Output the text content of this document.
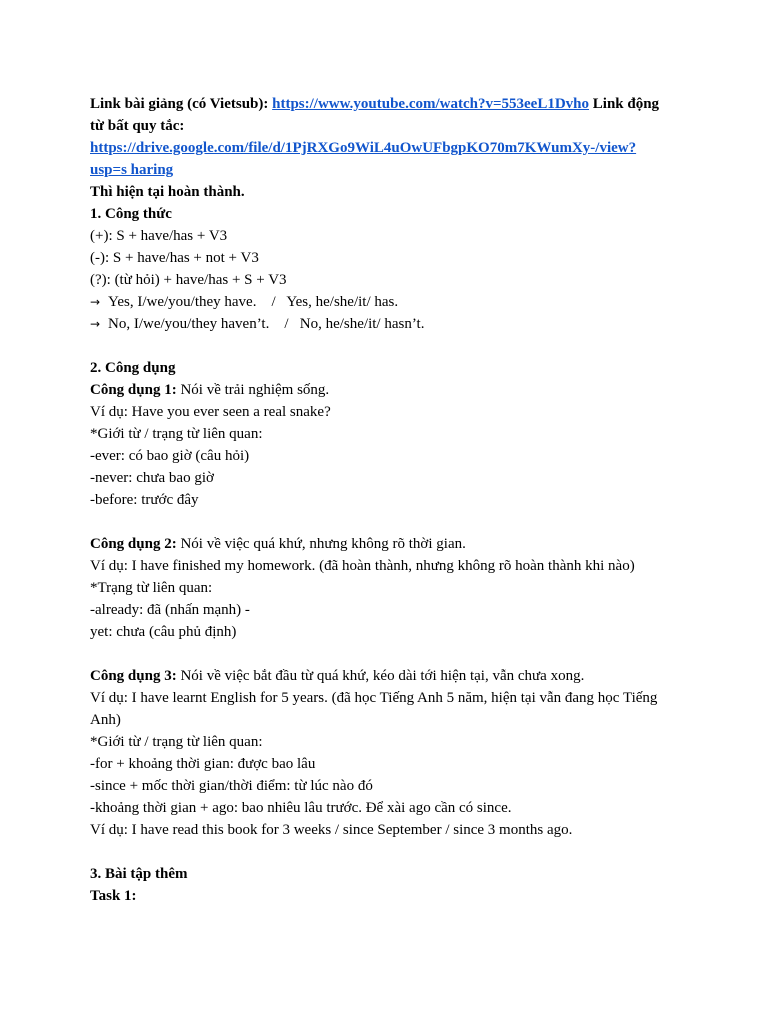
Link bài giảng (có Vietsub): https://www.youtube.com/watch?v=553eeL1Dvho Link động
từ bất quy tắc:
https://drive.google.com/file/d/1PjRXGo9WiL4uOwUFbgpKO70m7KWumXy-/view?
usp=s haring
Thì hiện tại hoàn thành.
1. Công thức
(+): S + have/has + V3
(-): S + have/has + not + V3
(?): (từ hỏi) + have/has + S + V3
→ Yes, I/we/you/they have.    /   Yes, he/she/it/ has.
→ No, I/we/you/they haven’t.    /   No, he/she/it/ hasn’t.
2. Công dụng
Công dụng 1: Nói về trải nghiệm sống.
Ví dụ: Have you ever seen a real snake?
*Giới từ / trạng từ liên quan:
-ever: có bao giờ (câu hỏi)
-never: chưa bao giờ
-before: trước đây
Công dụng 2: Nói về việc quá khứ, nhưng không rõ thời gian.
Ví dụ: I have finished my homework. (đã hoàn thành, nhưng không rõ hoàn thành khi nào)
*Trạng từ liên quan:
-already: đã (nhấn mạnh) -
yet: chưa (câu phủ định)
Công dụng 3: Nói về việc bắt đầu từ quá khứ, kéo dài tới hiện tại, vẫn chưa xong.
Ví dụ: I have learnt English for 5 years. (đã học Tiếng Anh 5 năm, hiện tại vẫn đang học Tiếng Anh)
*Giới từ / trạng từ liên quan:
-for + khoảng thời gian: được bao lâu
-since + mốc thời gian/thời điểm: từ lúc nào đó
-khoảng thời gian + ago: bao nhiêu lâu trước. Để xài ago cần có since.
Ví dụ: I have read this book for 3 weeks / since September / since 3 months ago.
3. Bài tập thêm
Task 1:
